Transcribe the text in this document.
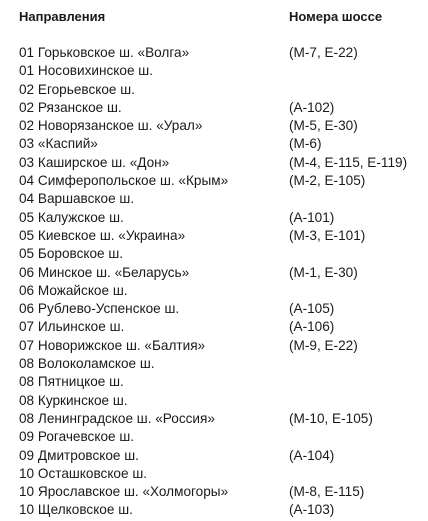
Направления	Номера шоссе
01 Горьковское ш. «Волга»	(М-7, Е-22)
01 Носовихинское ш.
02 Егорьевское ш.
02 Рязанское ш.	(А-102)
02 Новорязанское ш. «Урал»	(М-5, Е-30)
03 «Каспий»	(М-6)
03 Каширское ш. «Дон»	(М-4, Е-115, Е-119)
04 Симферопольское ш. «Крым»	(М-2, Е-105)
04 Варшавское ш.
05 Калужское ш.	(А-101)
05 Киевское ш. «Украина»	(М-3, Е-101)
05 Боровское ш.
06 Минское ш. «Беларусь»	(М-1, Е-30)
06 Можайское ш.
06 Рублево-Успенское ш.	(А-105)
07 Ильинское ш.	(А-106)
07 Новорижское ш. «Балтия»	(М-9, Е-22)
08 Волоколамское ш.
08 Пятницкое ш.
08 Куркинское ш.
08 Ленинградское ш. «Россия»	(М-10, Е-105)
09 Рогачевское ш.
09 Дмитровское ш.	(А-104)
10 Осташковское ш.
10 Ярославское ш. «Холмогоры»	(М-8, Е-115)
10 Щелковское ш.	(А-103)
